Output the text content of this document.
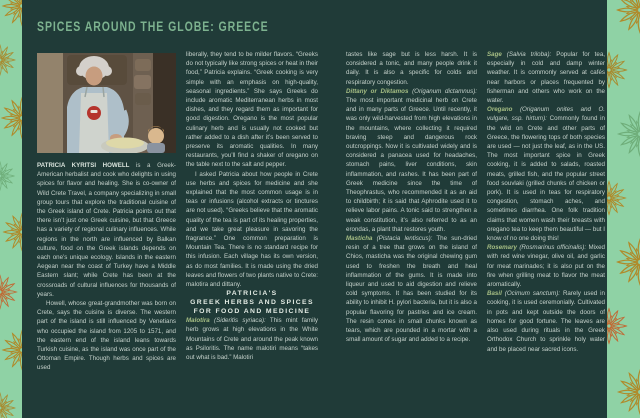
SPICES AROUND THE GLOBE: GREECE

PATRICIA KYRITSI HOWELL is a Greek-American herbalist and cook who delights in using spices for flavor and healing. She is co-owner of Wild Crete Travel, a company specializing in small group tours that explore the traditional cuisine of the Greek island of Crete. Patricia points out that there isn’t just one Greek cuisine, but that Greece has a variety of regional culinary influences. While regions in the north are influenced by Balkan culture, food on the Greek islands depends on each one’s unique ecology. Islands in the eastern Aegean near the coast of Turkey have a Middle Eastern slant; while Crete has been at the crossroads of cultural influences for thousands of years.

Howell, whose great-grandmother was born on Crete, says the cuisine is diverse. The western part of the island is still influenced by Venetians who occupied the island from 1205 to 1571, and the eastern end of the island leans towards Turkish cuisine, as the island was once part of the Ottoman Empire. Though herbs and spices are used

liberally, they tend to be milder flavors. “Greeks do not typically like strong spices or heat in their food,” Patricia explains. “Greek cooking is very simple with an emphasis on high-quality, seasonal ingredients.” She says Greeks do include aromatic Mediterranean herbs in most dishes, and they regard them as important for good digestion. Oregano is the most popular culinary herb and is usually not cooked but rather added to a dish after it’s been served to preserve its aromatic qualities. In many restaurants, you’ll find a shaker of oregano on the table next to the salt and pepper.

I asked Patricia about how people in Crete use herbs and spices for medicine and she explained that the most common usage is in teas or infusions (alcohol extracts or tinctures are not used). “Greeks believe that the aromatic quality of the tea is part of its healing properties, and we take great pleasure in savoring the fragrance.” One common preparation is Mountain Tea. There is no standard recipe for this infusion. Each village has its own version, as do most families. It is made using the dried leaves and flowers of two plants native to Crete: malotira and dittany.

PATRICIA'S
GREEK HERBS AND SPICES
FOR FOOD AND MEDICINE

Malotira (Sideritis syriaca): This mint family herb grows at high elevations in the White Mountains of Crete and around the peak known as Psiloritis. The name malotiri means “takes out what is bad.” Malotiri

tastes like sage but is less harsh. It is considered a tonic, and many people drink it daily. It is also a specific for colds and respiratory congestion.

Dittany or Diktamos (Origanum dictamnus): The most important medicinal herb on Crete and in many parts of Greece. Until recently, it was only wild-harvested from high elevations in the mountains, where collecting it required braving steep and dangerous rock outcroppings. Now it is cultivated widely and is considered a panacea used for headaches, stomach pains, liver conditions, skin inflammation, and rashes. It has been part of Greek medicine since the time of Theophrastus, who recommended it as an aid to childbirth; it is said that Aphrodite used it to relieve labor pains. A tonic said to strengthen a weak constitution, it’s also referred to as an erondas, a plant that restores youth.

Masticha (Pistacia lentiscus): The sun-dried resin of a tree that grows on the island of Chios, masticha was the original chewing gum used to freshen the breath and heal inflammation of the gums. It is made into liqueur and used to aid digestion and relieve cold symptoms. It has been studied for its ability to inhibit H. pylori bacteria, but it is also a popular flavoring for pastries and ice cream. The resin comes in small chunks known as tears, which are pounded in a mortar with a small amount of sugar and added to a recipe.

Sage (Salvia triloba): Popular for tea, especially in cold and damp winter weather. It is commonly served at cafés near harbors or places frequented by fisherman and others who work on the water.

Oregano (Origanum onites and O. vulgare, ssp. hirtum): Commonly found in the wild on Crete and other parts of Greece, the flowering tops of both species are used — not just the leaf, as in the US. The most important spice in Greek cooking, it is added to salads, roasted meats, grilled fish, and the popular street food souvlaki (grilled chunks of chicken or pork). It is used in teas for respiratory congestion, stomach aches, and sometimes diarrhea. One folk tradition claims that women wash their breasts with oregano tea to keep them beautiful — but I know of no one doing this!

Rosemary (Rosmarinus officinalis): Mixed with red wine vinegar, olive oil, and garlic for meat marinades; it is also put on the fire when grilling meat to flavor the meat aromatically.

Basil (Ocimum sanctum): Rarely used in cooking, it is used ceremonially. Cultivated in pots and kept outside the doors of homes for good fortune. The leaves are also used during rituals in the Greek Orthodox Church to sprinkle holy water and be placed near sacred icons.
